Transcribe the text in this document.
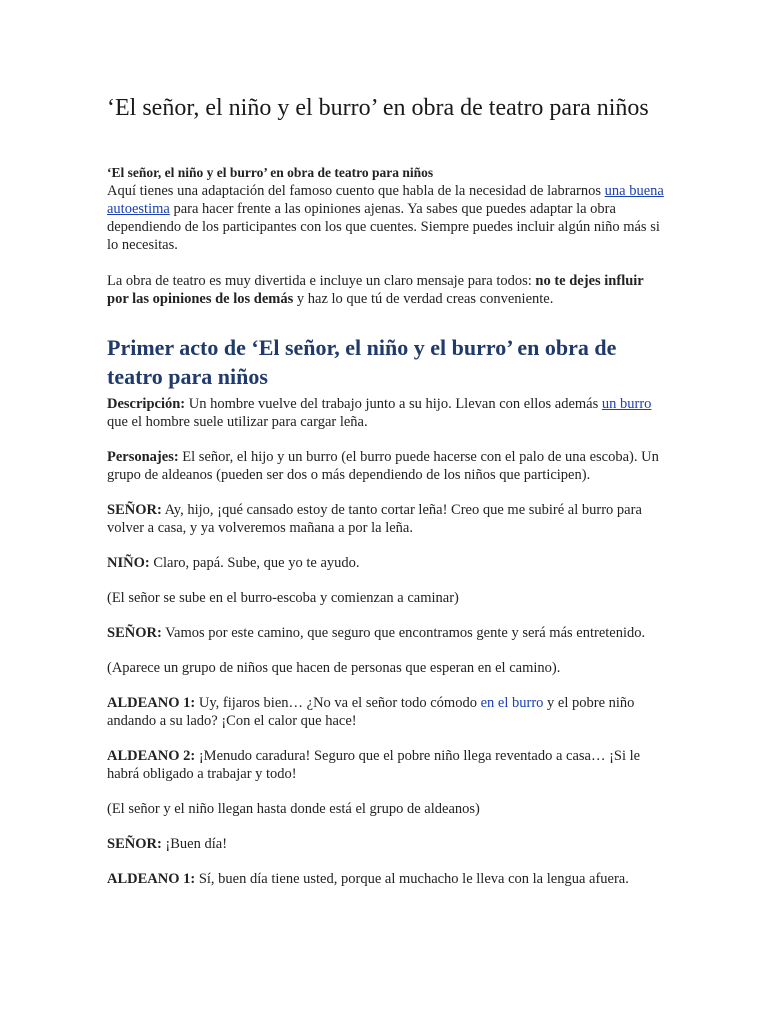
‘El señor, el niño y el burro’ en obra de teatro para niños

‘El señor, el niño y el burro’ en obra de teatro para niños

Aquí tienes una adaptación del famoso cuento que habla de la necesidad de labrarnos una buena autoestima para hacer frente a las opiniones ajenas. Ya sabes que puedes adaptar la obra dependiendo de los participantes con los que cuentes. Siempre puedes incluir algún niño más si lo necesitas.

La obra de teatro es muy divertida e incluye un claro mensaje para todos: no te dejes influir por las opiniones de los demás y haz lo que tú de verdad creas conveniente.

Primer acto de ‘El señor, el niño y el burro’ en obra de teatro para niños

Descripción: Un hombre vuelve del trabajo junto a su hijo. Llevan con ellos además un burro que el hombre suele utilizar para cargar leña.

Personajes: El señor, el hijo y un burro (el burro puede hacerse con el palo de una escoba). Un grupo de aldeanos (pueden ser dos o más dependiendo de los niños que participen).

SEÑOR: Ay, hijo, ¡qué cansado estoy de tanto cortar leña! Creo que me subiré al burro para volver a casa, y ya volveremos mañana a por la leña.

NIÑO: Claro, papá. Sube, que yo te ayudo.

(El señor se sube en el burro-escoba y comienzan a caminar)

SEÑOR: Vamos por este camino, que seguro que encontramos gente y será más entretenido.

(Aparece un grupo de niños que hacen de personas que esperan en el camino).

ALDEANO 1: Uy, fijaros bien… ¿No va el señor todo cómodo en el burro y el pobre niño andando a su lado? ¡Con el calor que hace!

ALDEANO 2: ¡Menudo caradura! Seguro que el pobre niño llega reventado a casa… ¡Si le habrá obligado a trabajar y todo!

(El señor y el niño llegan hasta donde está el grupo de aldeanos)

SEÑOR: ¡Buen día!

ALDEANO 1: Sí, buen día tiene usted, porque al muchacho le lleva con la lengua afuera.
